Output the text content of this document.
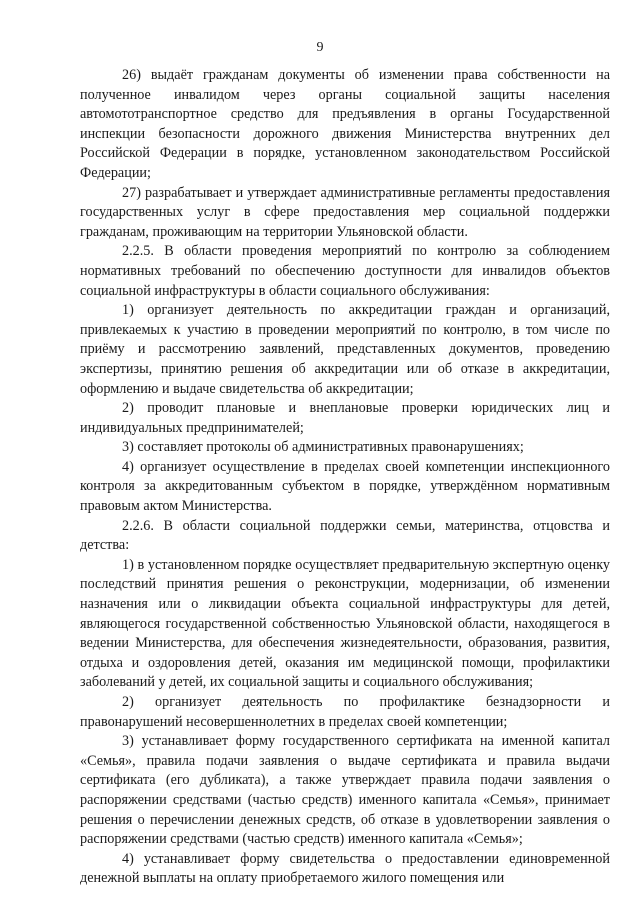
9

26) выдаёт гражданам документы об изменении права собственности на полученное инвалидом через органы социальной защиты населения автомототранспортное средство для предъявления в органы Государственной инспекции безопасности дорожного движения Министерства внутренних дел Российской Федерации в порядке, установленном законодательством Российской Федерации;

27) разрабатывает и утверждает административные регламенты предоставления государственных услуг в сфере предоставления мер социальной поддержки гражданам, проживающим на территории Ульяновской области.

2.2.5. В области проведения мероприятий по контролю за соблюдением нормативных требований по обеспечению доступности для инвалидов объектов социальной инфраструктуры в области социального обслуживания:

1) организует деятельность по аккредитации граждан и организаций, привлекаемых к участию в проведении мероприятий по контролю, в том числе по приёму и рассмотрению заявлений, представленных документов, проведению экспертизы, принятию решения об аккредитации или об отказе в аккредитации, оформлению и выдаче свидетельства об аккредитации;

2) проводит плановые и внеплановые проверки юридических лиц и индивидуальных предпринимателей;

3) составляет протоколы об административных правонарушениях;

4) организует осуществление в пределах своей компетенции инспекционного контроля за аккредитованным субъектом в порядке, утверждённом нормативным правовым актом Министерства.

2.2.6. В области социальной поддержки семьи, материнства, отцовства и детства:

1) в установленном порядке осуществляет предварительную экспертную оценку последствий принятия решения о реконструкции, модернизации, об изменении назначения или о ликвидации объекта социальной инфраструктуры для детей, являющегося государственной собственностью Ульяновской области, находящегося в ведении Министерства, для обеспечения жизнедеятельности, образования, развития, отдыха и оздоровления детей, оказания им медицинской помощи, профилактики заболеваний у детей, их социальной защиты и социального обслуживания;

2) организует деятельность по профилактике безнадзорности и правонарушений несовершеннолетних в пределах своей компетенции;

3) устанавливает форму государственного сертификата на именной капитал «Семья», правила подачи заявления о выдаче сертификата и правила выдачи сертификата (его дубликата), а также утверждает правила подачи заявления о распоряжении средствами (частью средств) именного капитала «Семья», принимает решения о перечислении денежных средств, об отказе в удовлетворении заявления о распоряжении средствами (частью средств) именного капитала «Семья»;

4) устанавливает форму свидетельства о предоставлении единовременной денежной выплаты на оплату приобретаемого жилого помещения или
